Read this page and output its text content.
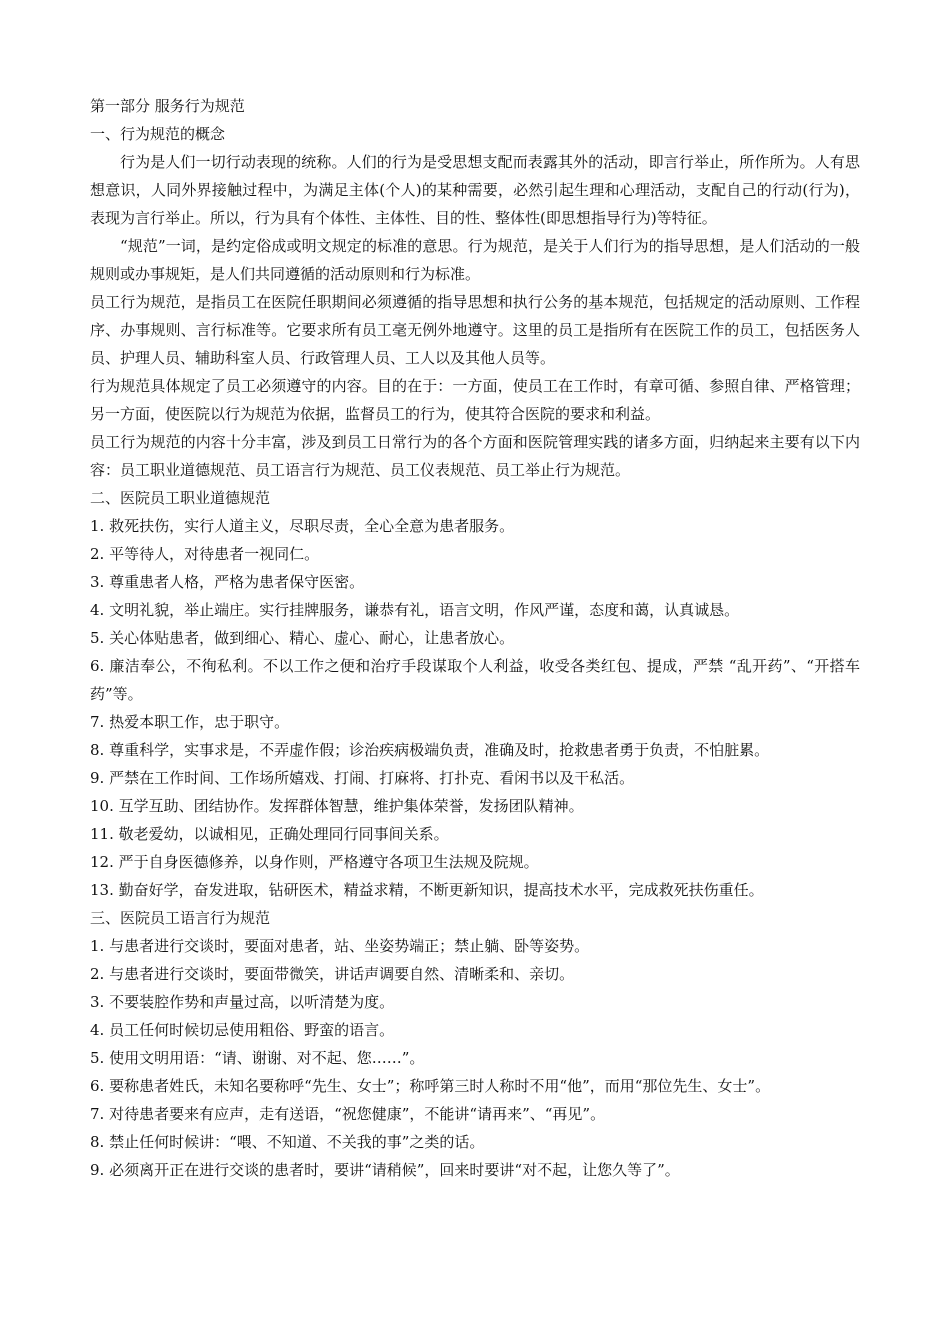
第一部分 服务行为规范

一、行为规范的概念

行为是人们一切行动表现的统称。人们的行为是受思想支配而表露其外的活动，即言行举止，所作所为。人有思想意识，人同外界接触过程中，为满足主体(个人)的某种需要，必然引起生理和心理活动，支配自己的行动(行为)，表现为言行举止。所以，行为具有个体性、主体性、目的性、整体性(即思想指导行为)等特征。

“规范”一词，是约定俗成或明文规定的标准的意思。行为规范，是关于人们行为的指导思想，是人们活动的一般规则或办事规矩，是人们共同遵循的活动原则和行为标准。

员工行为规范，是指员工在医院任职期间必须遵循的指导思想和执行公务的基本规范，包括规定的活动原则、工作程序、办事规则、言行标准等。它要求所有员工毫无例外地遵守。这里的员工是指所有在医院工作的员工，包括医务人员、护理人员、辅助科室人员、行政管理人员、工人以及其他人员等。

行为规范具体规定了员工必须遵守的内容。目的在于：一方面，使员工在工作时，有章可循、参照自律、严格管理；另一方面，使医院以行为规范为依据，监督员工的行为，使其符合医院的要求和利益。

员工行为规范的内容十分丰富，涉及到员工日常行为的各个方面和医院管理实践的诸多方面，归纳起来主要有以下内容：员工职业道德规范、员工语言行为规范、员工仪表规范、员工举止行为规范。

二、医院员工职业道德规范

1. 救死扶伤，实行人道主义，尽职尽责，全心全意为患者服务。

2. 平等待人，对待患者一视同仁。

3. 尊重患者人格，严格为患者保守医密。

4. 文明礼貌，举止端庄。实行挂牌服务，谦恭有礼，语言文明，作风严谨，态度和蔼，认真诚恳。

5. 关心体贴患者，做到细心、精心、虚心、耐心，让患者放心。

6. 廉洁奉公，不徇私利。不以工作之便和治疗手段谋取个人利益，收受各类红包、提成，严禁 “乱开药”、“开搭车药”等。

7. 热爱本职工作，忠于职守。

8. 尊重科学，实事求是，不弄虚作假；诊治疾病极端负责，准确及时，抢救患者勇于负责，不怕脏累。

9. 严禁在工作时间、工作场所嬉戏、打闹、打麻将、打扑克、看闲书以及干私活。

10. 互学互助、团结协作。发挥群体智慧，维护集体荣誉，发扬团队精神。

11. 敬老爱幼，以诚相见，正确处理同行同事间关系。

12. 严于自身医德修养，以身作则，严格遵守各项卫生法规及院规。

13. 勤奋好学，奋发进取，钻研医术，精益求精，不断更新知识，提高技术水平，完成救死扶伤重任。

三、医院员工语言行为规范

1. 与患者进行交谈时，要面对患者，站、坐姿势端正；禁止躺、卧等姿势。

2. 与患者进行交谈时，要面带微笑，讲话声调要自然、清晰柔和、亲切。

3. 不要装腔作势和声量过高，以听清楚为度。

4. 员工任何时候切忌使用粗俗、野蛮的语言。

5. 使用文明用语：“请、谢谢、对不起、您……”。

6. 要称患者姓氏，未知名要称呼“先生、女士”；称呼第三时人称时不用“他”，而用“那位先生、女士”。

7. 对待患者要来有应声，走有送语，“祝您健康”，不能讲“请再来”、“再见”。

8. 禁止任何时候讲：“喂、不知道、不关我的事”之类的话。

9. 必须离开正在进行交谈的患者时，要讲“请稍候”，回来时要讲“对不起，让您久等了”。
